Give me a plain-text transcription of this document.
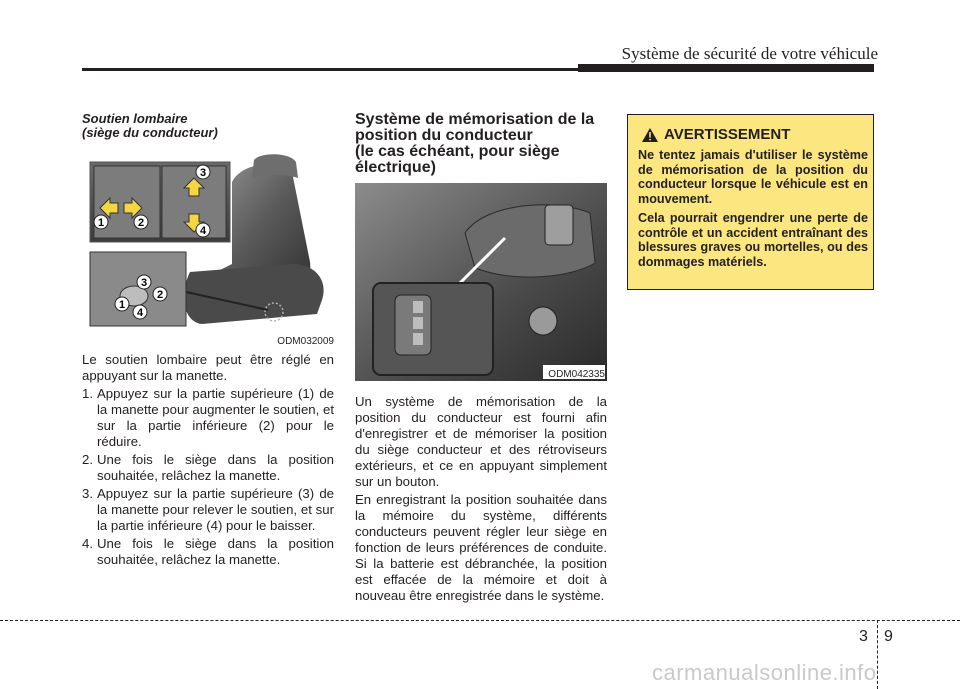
Système de sécurité de votre véhicule
Soutien lombaire
(siège du conducteur)
1	2
3
4
3
2
1
4
ODM032009
Le soutien lombaire peut être réglé en appuyant sur la manette.
1. Appuyez sur la partie supérieure (1) de la manette pour augmenter le soutien, et sur la partie inférieure (2) pour le réduire.
2. Une fois le siège dans la position souhaitée, relâchez la manette.
3. Appuyez sur la partie supérieure (3) de la manette pour relever le soutien, et sur la partie inférieure (4) pour le baisser.
4. Une fois le siège dans la position souhaitée, relâchez la manette.
Système de mémorisation de la
position du conducteur
(le cas échéant, pour siège
électrique)
ODM042335
Un système de mémorisation de la position du conducteur est fourni afin d'enregistrer et de mémoriser la position du siège conducteur et des rétroviseurs extérieurs, et ce en appuyant simplement sur un bouton.
En enregistrant la position souhaitée dans la mémoire du système, différents conducteurs peuvent régler leur siège en fonction de leurs préférences de conduite. Si la batterie est débranchée, la position est effacée de la mémoire et doit à nouveau être enregistrée dans le système.
AVERTISSEMENT

Ne tentez jamais d'utiliser le système de mémorisation de la position du conducteur lorsque le véhicule est en mouvement.

Cela pourrait engendrer une perte de contrôle et un accident entraînant des blessures graves ou mortelles, ou des dommages matériels.

3 9
carmanualsonline.info
